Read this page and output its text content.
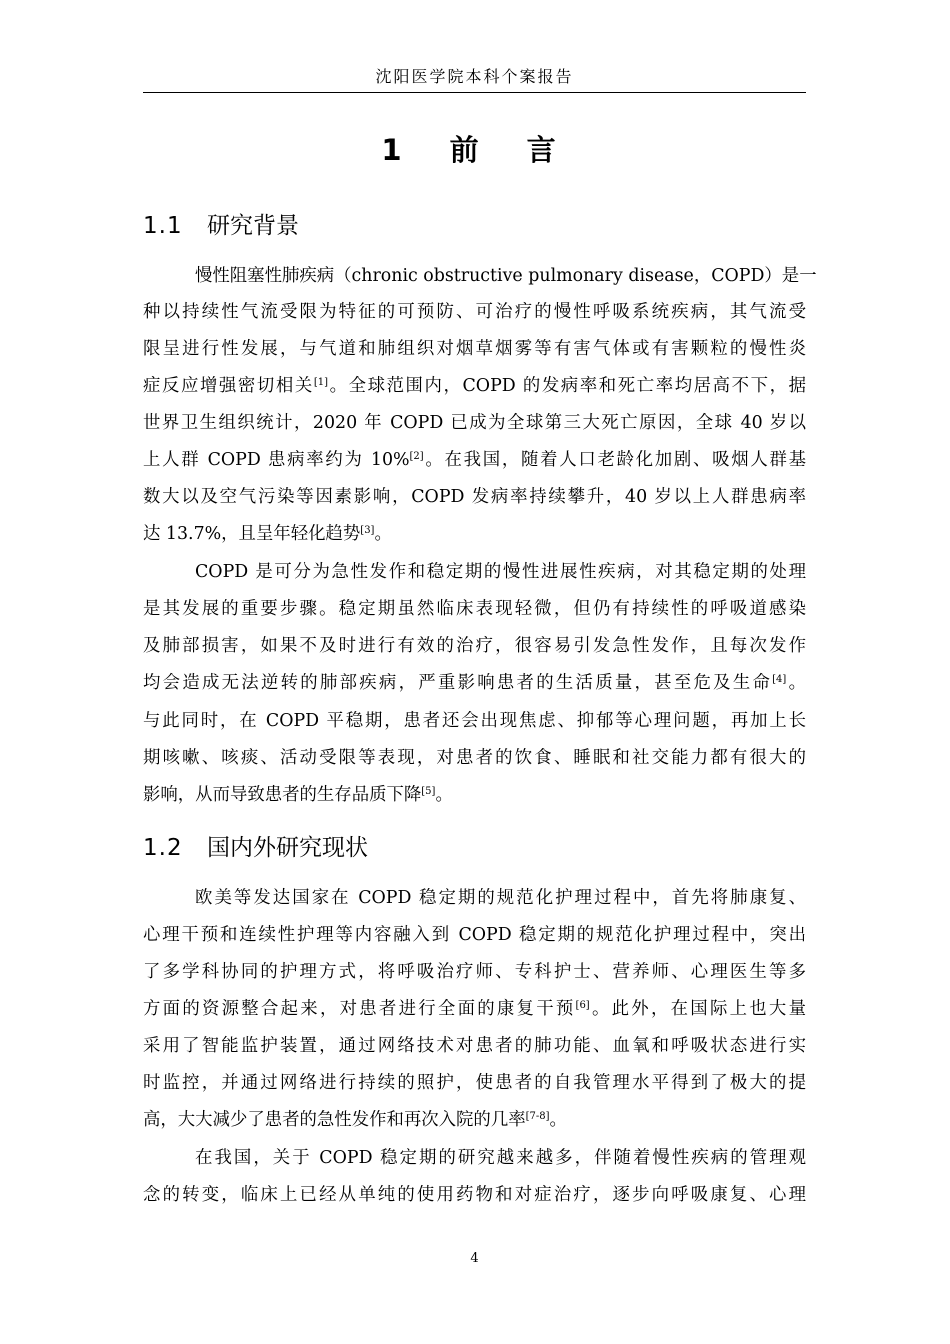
沈阳医学院本科个案报告
1 前 言
1.1 研究背景
慢性阻塞性肺疾病（chronic obstructive pulmonary disease，COPD）是一
种以持续性气流受限为特征的可预防、可治疗的慢性呼吸系统疾病，其气流受
限呈进行性发展，与气道和肺组织对烟草烟雾等有害气体或有害颗粒的慢性炎
症反应增强密切相关[1]。全球范围内，COPD 的发病率和死亡率均居高不下，据
世界卫生组织统计，2020 年 COPD 已成为全球第三大死亡原因，全球 40 岁以
上人群 COPD 患病率约为 10%[2]。在我国，随着人口老龄化加剧、吸烟人群基
数大以及空气污染等因素影响，COPD 发病率持续攀升，40 岁以上人群患病率
达 13.7%，且呈年轻化趋势[3]。
COPD 是可分为急性发作和稳定期的慢性进展性疾病，对其稳定期的处理
是其发展的重要步骤。稳定期虽然临床表现轻微，但仍有持续性的呼吸道感染
及肺部损害，如果不及时进行有效的治疗，很容易引发急性发作，且每次发作
均会造成无法逆转的肺部疾病，严重影响患者的生活质量，甚至危及生命[4]。
与此同时，在 COPD 平稳期，患者还会出现焦虑、抑郁等心理问题，再加上长
期咳嗽、咳痰、活动受限等表现，对患者的饮食、睡眠和社交能力都有很大的
影响，从而导致患者的生存品质下降[5]。
1.2 国内外研究现状
欧美等发达国家在 COPD 稳定期的规范化护理过程中，首先将肺康复、
心理干预和连续性护理等内容融入到 COPD 稳定期的规范化护理过程中，突出
了多学科协同的护理方式，将呼吸治疗师、专科护士、营养师、心理医生等多
方面的资源整合起来，对患者进行全面的康复干预[6]。此外，在国际上也大量
采用了智能监护装置，通过网络技术对患者的肺功能、血氧和呼吸状态进行实
时监控，并通过网络进行持续的照护，使患者的自我管理水平得到了极大的提
高，大大减少了患者的急性发作和再次入院的几率[7-8]。
在我国，关于 COPD 稳定期的研究越来越多，伴随着慢性疾病的管理观
念的转变，临床上已经从单纯的使用药物和对症治疗，逐步向呼吸康复、心理
4
